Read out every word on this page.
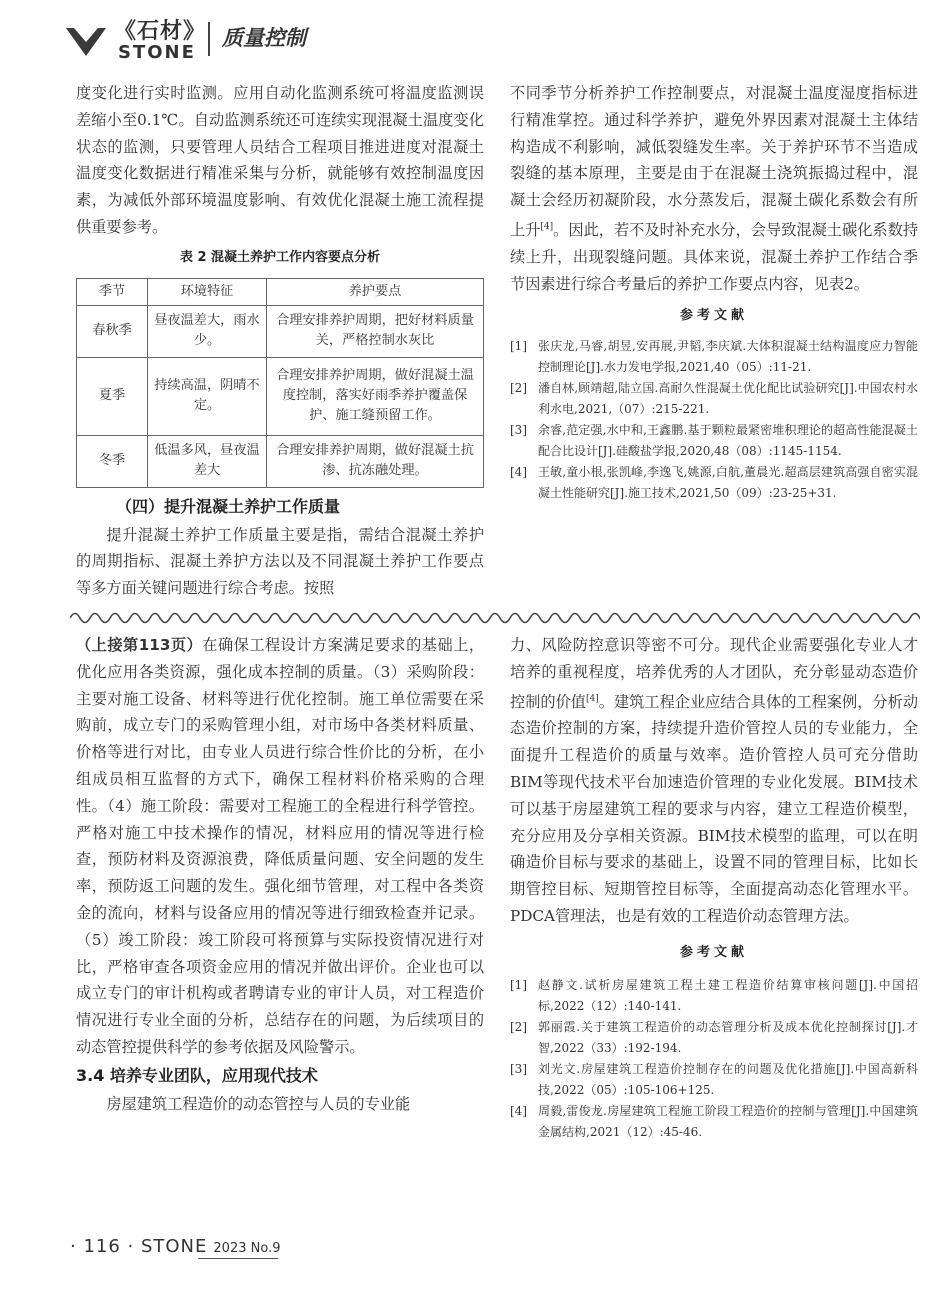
《石材》
STONE
质量控制

度变化进行实时监测。应用自动化监测系统可将温度监测误差缩小至0.1℃。自动监测系统还可连续实现混凝土温度变化状态的监测，只要管理人员结合工程项目推进进度对混凝土温度变化数据进行精准采集与分析，就能够有效控制温度因素，为减低外部环境温度影响、有效优化混凝土施工流程提供重要参考。

表 2 混凝土养护工作内容要点分析
季节	环境特征	养护要点
春秋季	昼夜温差大，雨水少。	合理安排养护周期，把好材料质量关，严格控制水灰比
夏季	持续高温，阴晴不定。	合理安排养护周期，做好混凝土温度控制，落实好雨季养护覆盖保护、施工缝预留工作。
冬季	低温多风，昼夜温差大	合理安排养护周期，做好混凝土抗渗、抗冻融处理。

（四）提升混凝土养护工作质量

提升混凝土养护工作质量主要是指，需结合混凝土养护的周期指标、混凝土养护方法以及不同混凝土养护工作要点等多方面关键问题进行综合考虑。按照

不同季节分析养护工作控制要点，对混凝土温度湿度指标进行精准掌控。通过科学养护，避免外界因素对混凝土主体结构造成不利影响，减低裂缝发生率。关于养护环节不当造成裂缝的基本原理，主要是由于在混凝土浇筑振捣过程中，混凝土会经历初凝阶段，水分蒸发后，混凝土碳化系数会有所上升[4]。因此，若不及时补充水分，会导致混凝土碳化系数持续上升，出现裂缝问题。具体来说，混凝土养护工作结合季节因素进行综合考量后的养护工作要点内容，见表2。

参考文献
[1] 张庆龙,马睿,胡昱,安再展,尹韬,李庆斌.大体积混凝土结构温度应力智能控制理论[J].水力发电学报,2021,40（05）:11-21.
[2] 潘自林,顾靖超,陆立国.高耐久性混凝土优化配比试验研究[J].中国农村水利水电,2021,（07）:215-221.
[3] 余睿,范定强,水中和,王鑫鹏.基于颗粒最紧密堆积理论的超高性能混凝土配合比设计[J].硅酸盐学报,2020,48（08）:1145-1154.
[4] 王敏,童小根,张凯峰,李逸飞,姚源,白航,董晨光.超高层建筑高强自密实混凝土性能研究[J].施工技术,2021,50（09）:23-25+31.

（上接第113页）在确保工程设计方案满足要求的基础上，优化应用各类资源，强化成本控制的质量。（3）采购阶段：主要对施工设备、材料等进行优化控制。施工单位需要在采购前，成立专门的采购管理小组，对市场中各类材料质量、价格等进行对比，由专业人员进行综合性价比的分析，在小组成员相互监督的方式下，确保工程材料价格采购的合理性。（4）施工阶段：需要对工程施工的全程进行科学管控。严格对施工中技术操作的情况，材料应用的情况等进行检查，预防材料及资源浪费，降低质量问题、安全问题的发生率，预防返工问题的发生。强化细节管理，对工程中各类资金的流向，材料与设备应用的情况等进行细致检查并记录。（5）竣工阶段：竣工阶段可将预算与实际投资情况进行对比，严格审查各项资金应用的情况并做出评价。企业也可以成立专门的审计机构或者聘请专业的审计人员，对工程造价情况进行专业全面的分析，总结存在的问题，为后续项目的动态管控提供科学的参考依据及风险警示。

3.4 培养专业团队，应用现代技术

房屋建筑工程造价的动态管控与人员的专业能

力、风险防控意识等密不可分。现代企业需要强化专业人才培养的重视程度，培养优秀的人才团队，充分彰显动态造价控制的价值[4]。建筑工程企业应结合具体的工程案例，分析动态造价控制的方案，持续提升造价管控人员的专业能力，全面提升工程造价的质量与效率。造价管控人员可充分借助BIM等现代技术平台加速造价管理的专业化发展。BIM技术可以基于房屋建筑工程的要求与内容，建立工程造价模型，充分应用及分享相关资源。BIM技术模型的监理，可以在明确造价目标与要求的基础上，设置不同的管理目标，比如长期管控目标、短期管控目标等，全面提高动态化管理水平。PDCA管理法，也是有效的工程造价动态管理方法。

参考文献
[1] 赵静文.试析房屋建筑工程土建工程造价结算审核问题[J].中国招标,2022（12）:140-141.
[2] 郭丽霞.关于建筑工程造价的动态管理分析及成本优化控制探讨[J].才智,2022（33）:192-194.
[3] 刘光文.房屋建筑工程造价控制存在的问题及优化措施[J].中国高新科技,2022（05）:105-106+125.
[4] 周毅,雷俊龙.房屋建筑工程施工阶段工程造价的控制与管理[J].中国建筑金属结构,2021（12）:45-46.
· 116 · STONE 2023 No.9
